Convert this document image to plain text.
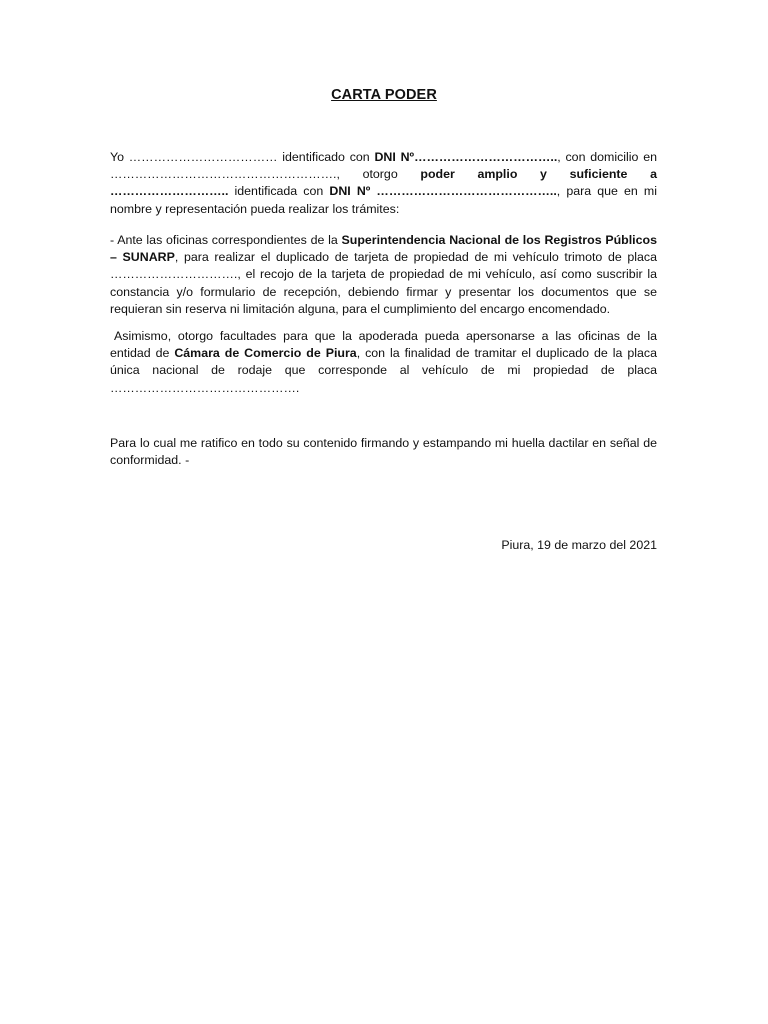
CARTA PODER

Yo ……………………………… identificado con DNI Nº…………………………….., con domicilio en ………………………………………………., otorgo poder amplio y suficiente a ……………………….. identificada con DNI Nº …………………………………….., para que en mi nombre y representación pueda realizar los trámites:

- Ante las oficinas correspondientes de la Superintendencia Nacional de los Registros Públicos – SUNARP, para realizar el duplicado de tarjeta de propiedad de mi vehículo trimoto de placa …………………………., el recojo de la tarjeta de propiedad de mi vehículo, así como suscribir la constancia y/o formulario de recepción, debiendo firmar y presentar los documentos que se requieran sin reserva ni limitación alguna, para el cumplimiento del encargo encomendado.

Asimismo, otorgo facultades para que la apoderada pueda apersonarse a las oficinas de la entidad de Cámara de Comercio de Piura, con la finalidad de tramitar el duplicado de la placa única nacional de rodaje que corresponde al vehículo de mi propiedad de placa ……………………………………….

Para lo cual me ratifico en todo su contenido firmando y estampando mi huella dactilar en señal de conformidad. -

Piura, 19 de marzo del 2021
